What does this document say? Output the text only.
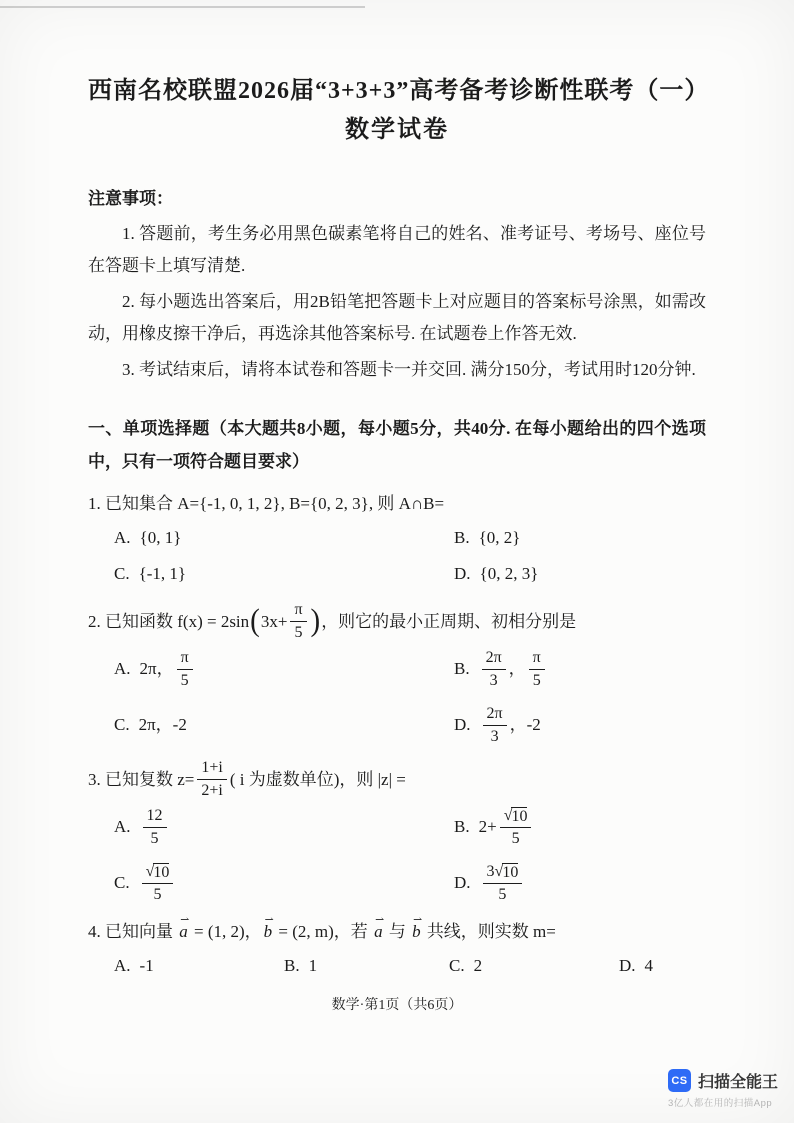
西南名校联盟2026届“3+3+3”高考备考诊断性联考（一）
数学试卷
注意事项：

1. 答题前，考生务必用黑色碳素笔将自己的姓名、准考证号、考场号、座位号在答题卡上填写清楚.

2. 每小题选出答案后，用2B铅笔把答题卡上对应题目的答案标号涂黑，如需改动，用橡皮擦干净后，再选涂其他答案标号. 在试题卷上作答无效.

3. 考试结束后，请将本试卷和答题卡一并交回. 满分150分，考试用时120分钟.

一、单项选择题（本大题共8小题，每小题5分，共40分. 在每小题给出的四个选项中，只有一项符合题目要求）
1. 已知集合 A={-1, 0, 1, 2}, B={0, 2, 3}, 则 A∩B=
A. {0, 1}	B. {0, 2}
C. {-1, 1}	D. {0, 2, 3}
2. 已知函数 f(x) = 2sin ( $3x+ \frac{\pi}{5}$ ) ，则它的最小正周期、初相分别是
A. 2π， $\frac{\pi}{5}$	B. $\frac{2\pi}{3}$ ， $\frac{\pi}{5}$
C. 2π，-2	D. $\frac{2\pi}{3}$ ，-2
3. 已知复数 $z= \frac{1+i}{2+i}$ ( i 为虚数单位)，则 |z| =
A. $\frac{12}{5}$	B. $2+ \frac{√ 10}{5}$
C. $\frac{√ 10}{5}$	D. $\frac{3 √ 10}{5}$
4. 已知向量 ⇀ a = (1, 2)， ⇀ b = (2, m)，若 ⇀ a 与 ⇀ b 共线，则实数 m=
A. -1	B. 1	C. 2	D. 4
数学·第1页（共6页）
CS 扫描全能王
3亿人都在用的扫描App
